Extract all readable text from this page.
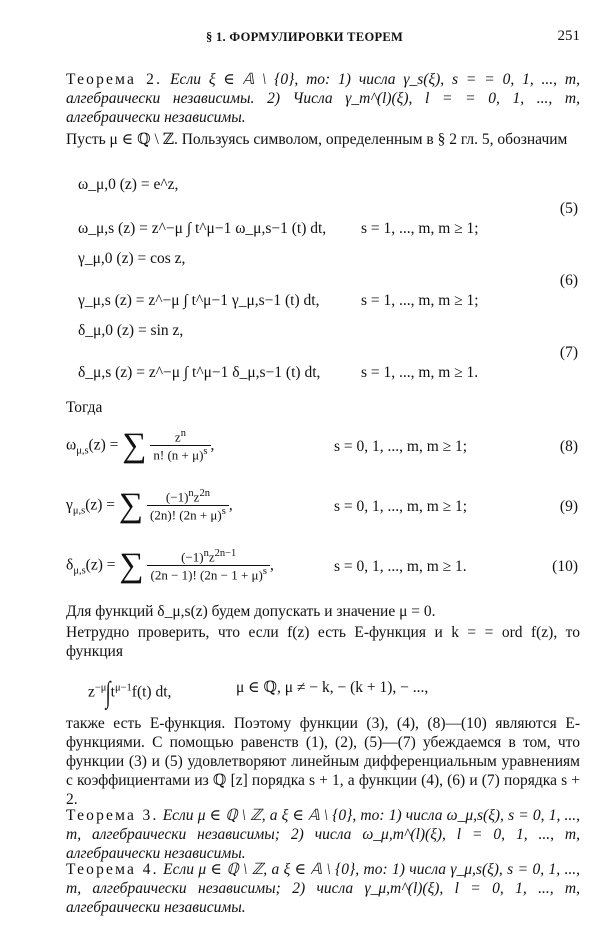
§ 1. ФОРМУЛИРОВКИ ТЕОРЕМ	251
Теорема 2. Если ξ ∈ 𝔸 \ {0}, то: 1) числа γ_s(ξ), s = = 0, 1, ..., m, алгебраически независимы. 2) Числа γ_m^(l)(ξ), l = = 0, 1, ..., m, алгебраически независимы.
Пусть μ ∈ ℚ \ ℤ. Пользуясь символом, определенным в § 2 гл. 5, обозначим
ω_μ,0 (z) = e^z,
ω_μ,s (z) = z^−μ ∫ t^μ−1 ω_μ,s−1 (t) dt, s = 1, ..., m, m ≥ 1;
(5)
γ_μ,0 (z) = cos z,
γ_μ,s (z) = z^−μ ∫ t^μ−1 γ_μ,s−1 (t) dt,	s = 1, ..., m, m ≥ 1;
(6)
δ_μ,0 (z) = sin z,
δ_μ,s (z) = z^−μ ∫ t^μ−1 δ_μ,s−1 (t) dt,	s = 1, ..., m, m ≥ 1.
(7)
Тогда
$\omega_{\mu,s}(z)$ = ∑ $\frac{z^n}{n! (n + \mu)^s}$ ,	s = 0, 1, ..., m, m ≥ 1;	(8)
$\gamma_{\mu,s}(z)$ = ∑ $\frac{(-1)^nz^{2n}}{(2n)! (2n + \mu)^s}$ ,	s = 0, 1, ..., m, m ≥ 1;	(9)
$\delta_{\mu,s}(z)$ = ∑ $\frac{(-1)^nz^{2n-1}}{(2n - 1)! (2n - 1 + \mu)^s}$ ,	s = 0, 1, ..., m, m ≥ 1.	(10)
Для функций δ_μ,s(z) будем допускать и значение μ = 0.
Нетрудно проверить, что если f(z) есть E-функция и k = = ord f(z), то функция
$z^{-\mu}\int t^{\mu-1}f(t)$ dt,	μ ∈ ℚ, μ ≠ − k, − (k + 1), − ...,
также есть E-функция. Поэтому функции (3), (4), (8)—(10) являются E-функциями. С помощью равенств (1), (2), (5)—(7) убеждаемся в том, что функции (3) и (5) удовлетворяют линейным дифференциальным уравнениям с коэффициентами из ℚ [z] порядка s + 1, а функции (4), (6) и (7) порядка s + 2.
Теорема 3. Если μ ∈ ℚ \ ℤ, а ξ ∈ 𝔸 \ {0}, то: 1) числа ω_μ,s(ξ), s = 0, 1, ..., m, алгебраически независимы; 2) числа ω_μ,m^(l)(ξ), l = 0, 1, ..., m, алгебраически независимы.
Теорема 4. Если μ ∈ ℚ \ ℤ, а ξ ∈ 𝔸 \ {0}, то: 1) числа γ_μ,s(ξ), s = 0, 1, ..., m, алгебраически независимы; 2) числа γ_μ,m^(l)(ξ), l = 0, 1, ..., m, алгебраически независимы.
